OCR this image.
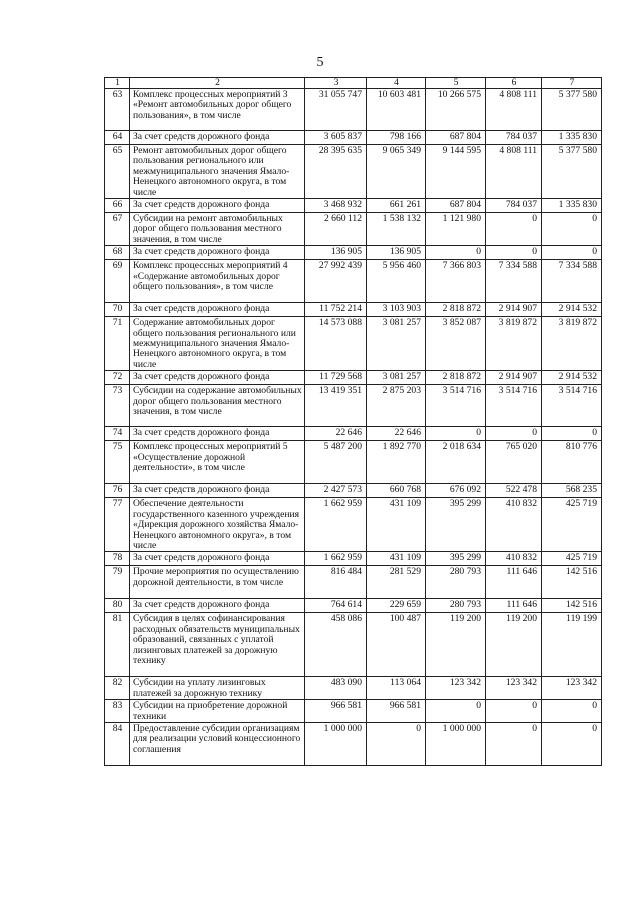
5
1	2	3	4	5	6	7
63	Комплекс процессных мероприятий 3 «Ремонт автомобильных дорог общего пользования», в том числе	31 055 747	10 603 481	10 266 575	4 808 111	5 377 580
64	За счет средств дорожного фонда	3 605 837	798 166	687 804	784 037	1 335 830
65	Ремонт автомобильных дорог общего пользования регионального или межмуниципального значения Ямало-Ненецкого автономного округа, в том числе	28 395 635	9 065 349	9 144 595	4 808 111	5 377 580
66	За счет средств дорожного фонда	3 468 932	661 261	687 804	784 037	1 335 830
67	Субсидии на ремонт автомобильных дорог общего пользования местного значения, в том числе	2 660 112	1 538 132	1 121 980	0	0
68	За счет средств дорожного фонда	136 905	136 905	0	0	0
69	Комплекс процессных мероприятий 4 «Содержание автомобильных дорог общего пользования», в том числе	27 992 439	5 956 460	7 366 803	7 334 588	7 334 588
70	За счет средств дорожного фонда	11 752 214	3 103 903	2 818 872	2 914 907	2 914 532
71	Содержание автомобильных дорог общего пользования регионального или межмуниципального значения Ямало-Ненецкого автономного округа, в том числе	14 573 088	3 081 257	3 852 087	3 819 872	3 819 872
72	За счет средств дорожного фонда	11 729 568	3 081 257	2 818 872	2 914 907	2 914 532
73	Субсидии на содержание автомобильных дорог общего пользования местного значения, в том числе	13 419 351	2 875 203	3 514 716	3 514 716	3 514 716
74	За счет средств дорожного фонда	22 646	22 646	0	0	0
75	Комплекс процессных мероприятий 5 «Осуществление дорожной деятельности», в том числе	5 487 200	1 892 770	2 018 634	765 020	810 776
76	За счет средств дорожного фонда	2 427 573	660 768	676 092	522 478	568 235
77	Обеспечение деятельности государственного казенного учреждения «Дирекция дорожного хозяйства Ямало-Ненецкого автономного округа», в том числе	1 662 959	431 109	395 299	410 832	425 719
78	За счет средств дорожного фонда	1 662 959	431 109	395 299	410 832	425 719
79	Прочие мероприятия по осуществлению дорожной деятельности, в том числе	816 484	281 529	280 793	111 646	142 516
80	За счет средств дорожного фонда	764 614	229 659	280 793	111 646	142 516
81	Субсидия в целях софинансирования расходных обязательств муниципальных образований, связанных с уплатой лизинговых платежей за дорожную технику	458 086	100 487	119 200	119 200	119 199
82	Субсидии на уплату лизинговых платежей за дорожную технику	483 090	113 064	123 342	123 342	123 342
83	Субсидии на приобретение дорожной техники	966 581	966 581	0	0	0
84	Предоставление субсидии организациям для реализации условий концессионного соглашения	1 000 000	0	1 000 000	0	0
